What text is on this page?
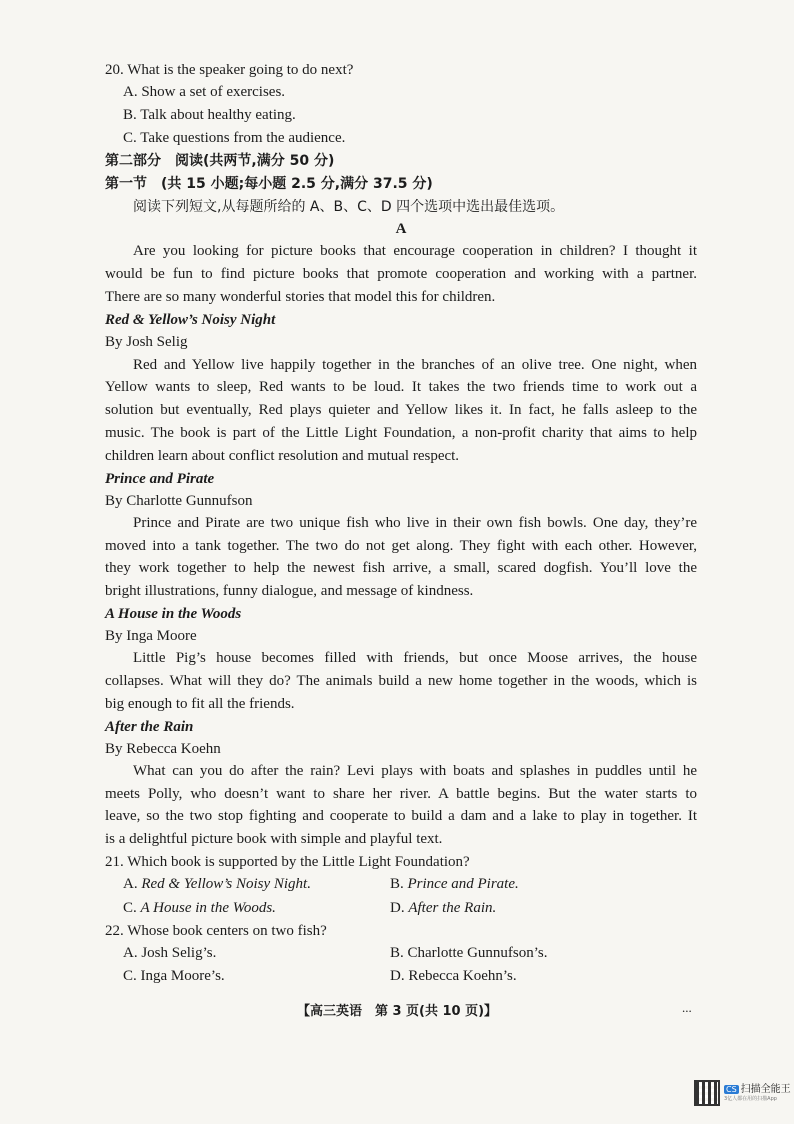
20. What is the speaker going to do next?
A. Show a set of exercises.
B. Talk about healthy eating.
C. Take questions from the audience.
第二部分　阅读(共两节,满分 50 分)
第一节　(共 15 小题;每小题 2.5 分,满分 37.5 分)
阅读下列短文,从每题所给的 A、B、C、D 四个选项中选出最佳选项。
A
Are you looking for picture books that encourage cooperation in children? I thought it
would be fun to find picture books that promote cooperation and working with a partner.
There are so many wonderful stories that model this for children.
Red & Yellow’s Noisy Night
By Josh Selig
Red and Yellow live happily together in the branches of an olive tree. One night, when
Yellow wants to sleep, Red wants to be loud. It takes the two friends time to work out a
solution but eventually, Red plays quieter and Yellow likes it. In fact, he falls asleep to the
music. The book is part of the Little Light Foundation, a non-profit charity that aims to help
children learn about conflict resolution and mutual respect.
Prince and Pirate
By Charlotte Gunnufson
Prince and Pirate are two unique fish who live in their own fish bowls. One day, they’re
moved into a tank together. The two do not get along. They fight with each other. However,
they work together to help the newest fish arrive, a small, scared dogfish. You’ll love the
bright illustrations, funny dialogue, and message of kindness.
A House in the Woods
By Inga Moore
Little Pig’s house becomes filled with friends, but once Moose arrives, the house
collapses. What will they do? The animals build a new home together in the woods, which is
big enough to fit all the friends.
After the Rain
By Rebecca Koehn
What can you do after the rain? Levi plays with boats and splashes in puddles until he
meets Polly, who doesn’t want to share her river. A battle begins. But the water starts to
leave, so the two stop fighting and cooperate to build a dam and a lake to play in together. It
is a delightful picture book with simple and playful text.
21. Which book is supported by the Little Light Foundation?
A. Red & Yellow’s Noisy Night.	B. Prince and Pirate.
C. A House in the Woods.	D. After the Rain.
22. Whose book centers on two fish?
A. Josh Selig’s.	B. Charlotte Gunnufson’s.
C. Inga Moore’s.	D. Rebecca Koehn’s.
【高三英语　第 3 页(共 10 页)】	...
CS 扫描全能王
3亿人都在用的扫描App
